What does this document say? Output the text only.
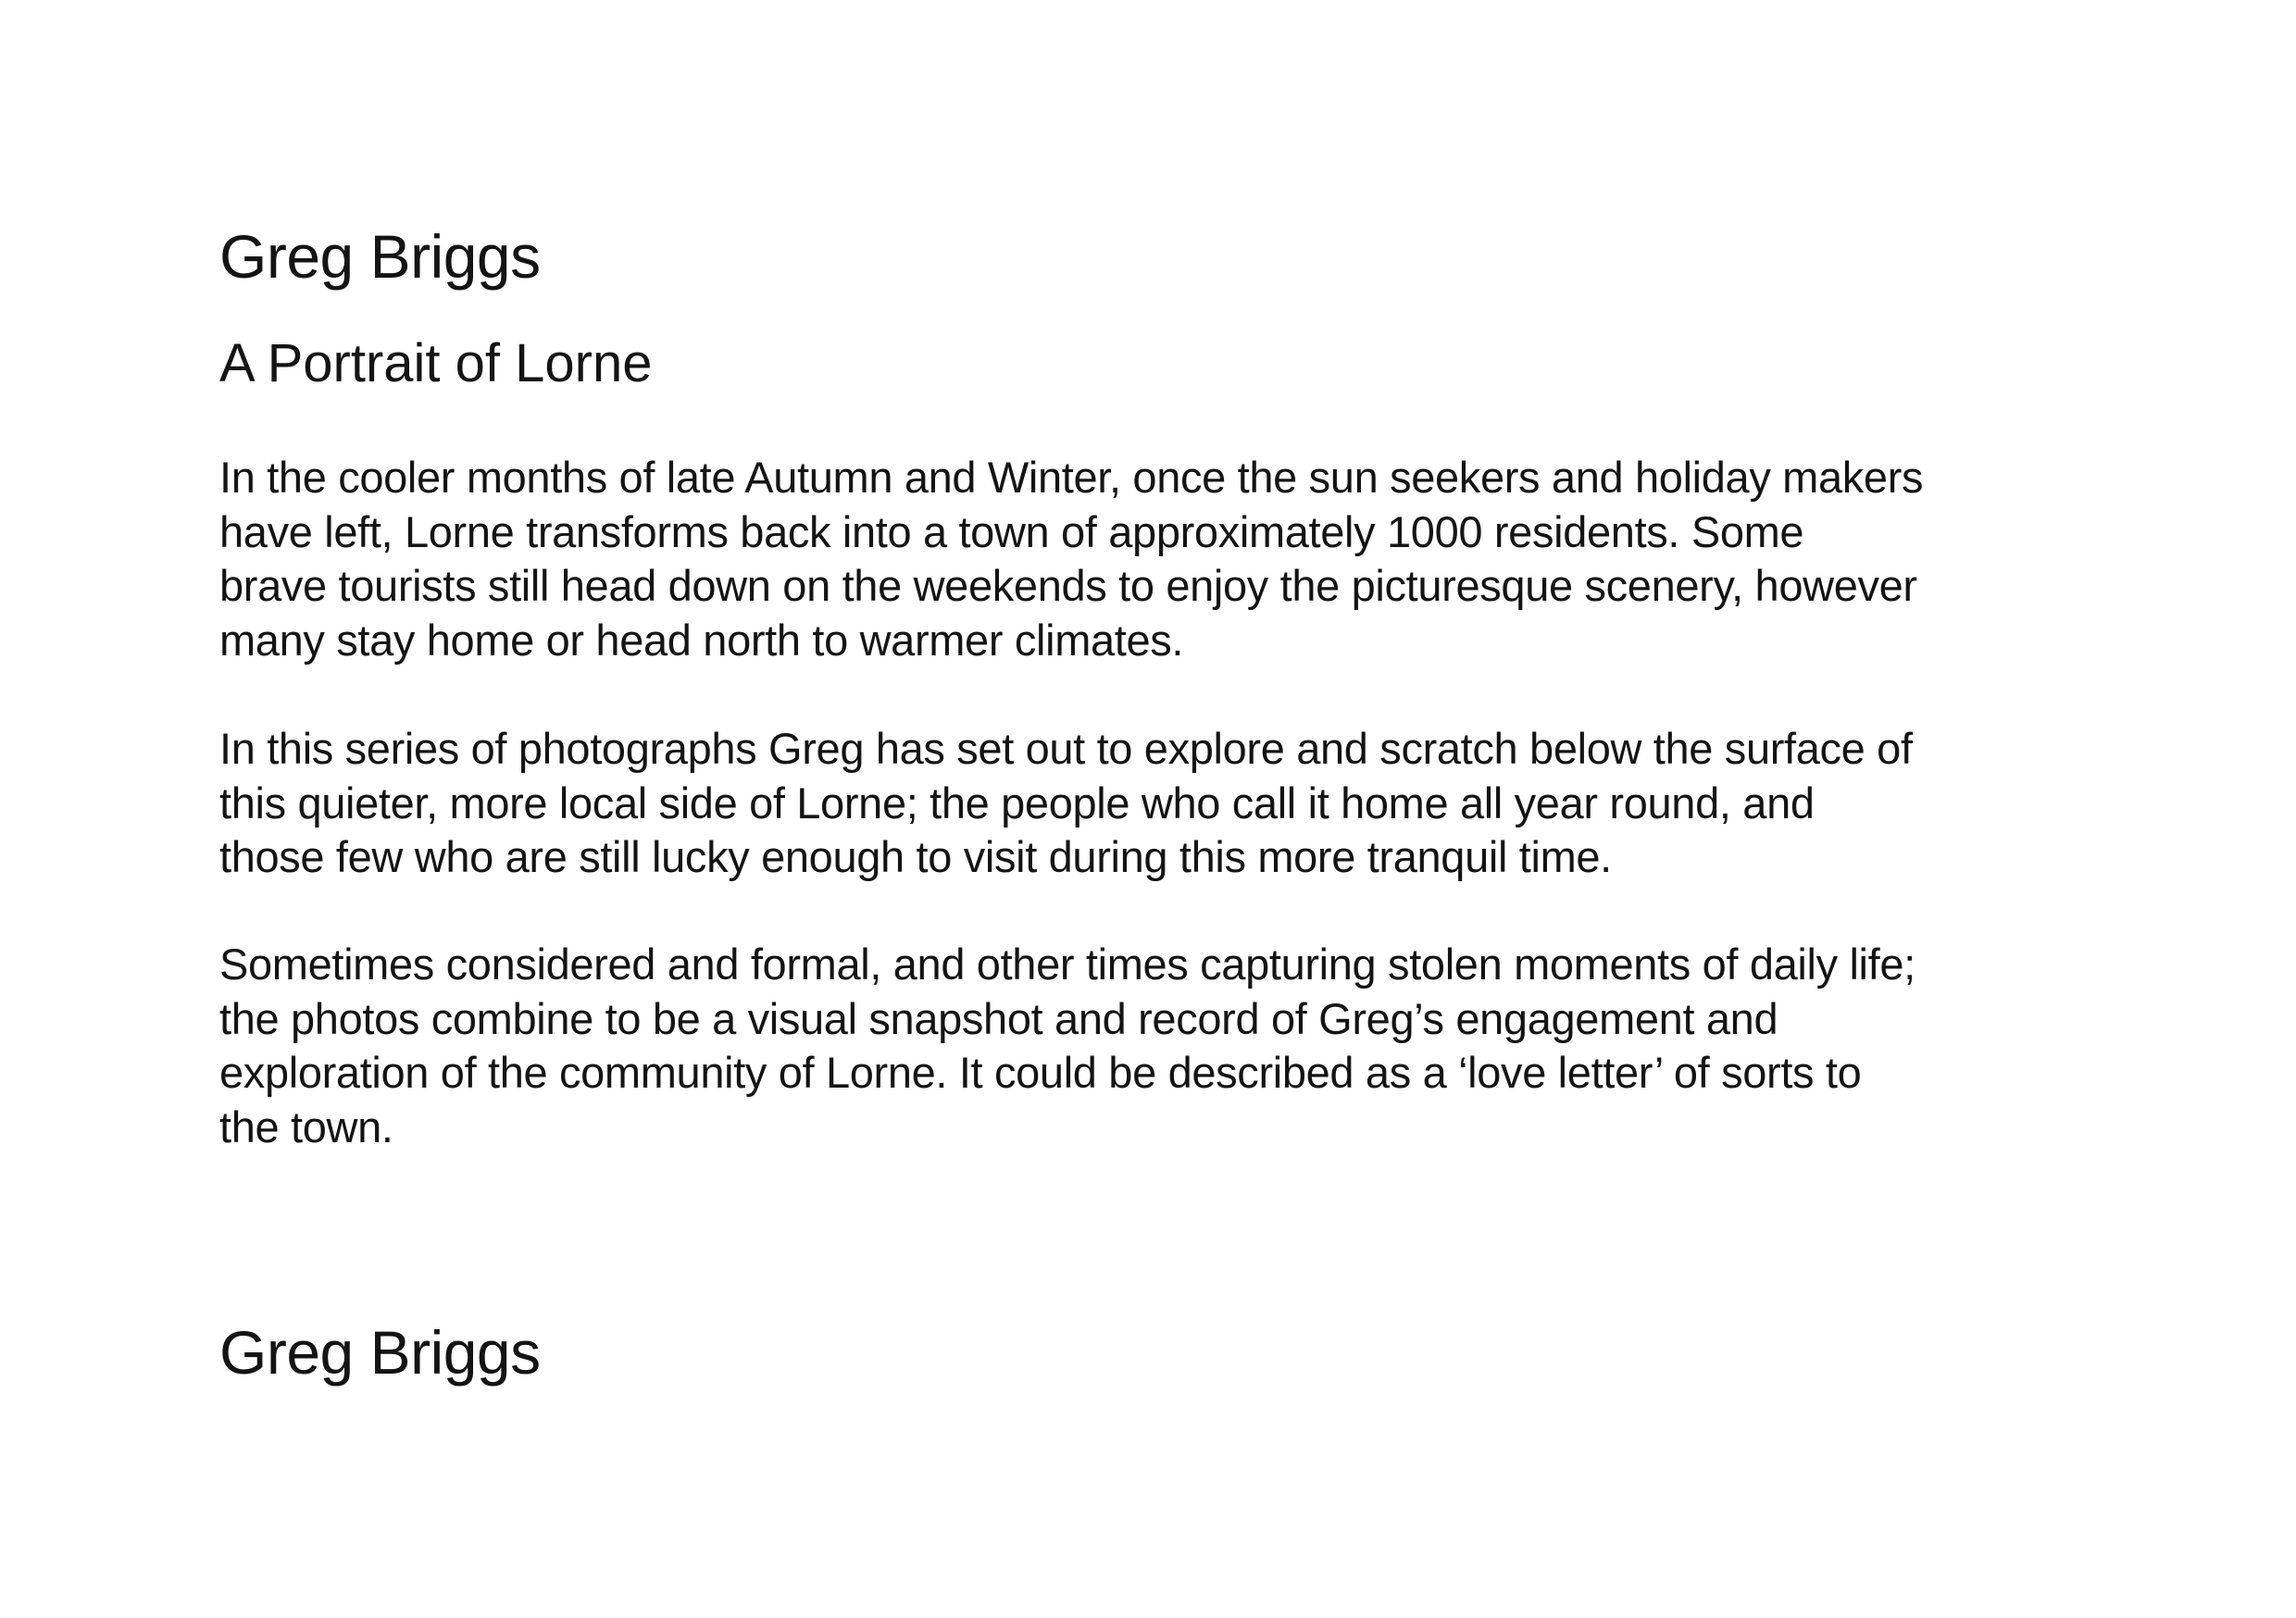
Greg Briggs
A Portrait of Lorne

In the cooler months of late Autumn and Winter, once the sun seekers and holiday makers
have left, Lorne transforms back into a town of approximately 1000 residents. Some
brave tourists still head down on the weekends to enjoy the picturesque scenery, however
many stay home or head north to warmer climates.

In this series of photographs Greg has set out to explore and scratch below the surface of
this quieter, more local side of Lorne; the people who call it home all year round, and
those few who are still lucky enough to visit during this more tranquil time.

Sometimes considered and formal, and other times capturing stolen moments of daily life;
the photos combine to be a visual snapshot and record of Greg’s engagement and
exploration of the community of Lorne. It could be described as a ‘love letter’ of sorts to
the town.

Greg Briggs
